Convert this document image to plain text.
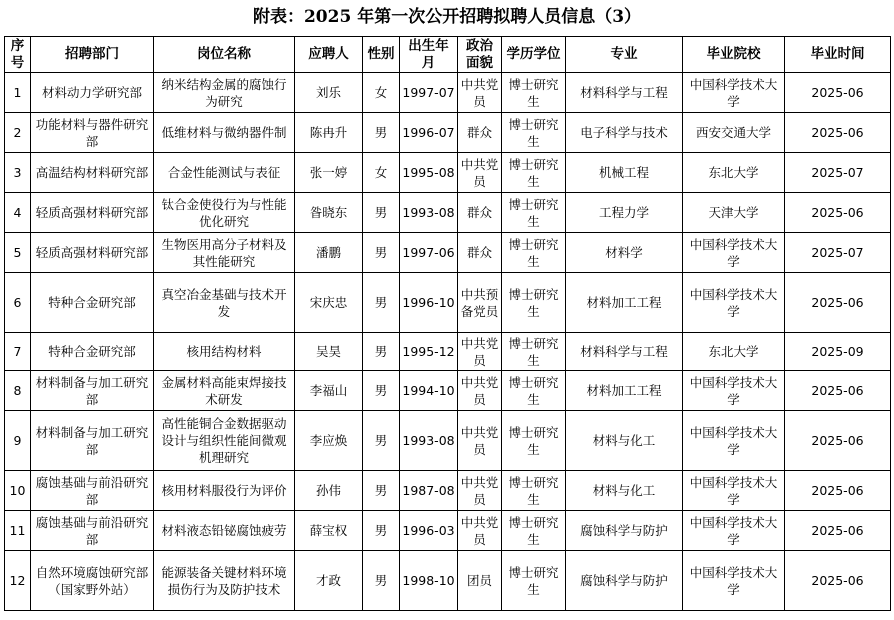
附表：2025 年第一次公开招聘拟聘人员信息（3）
序号	招聘部门	岗位名称	应聘人	性别	出生年月	政治面貌	学历学位	专业	毕业院校	毕业时间
1	材料动力学研究部	纳米结构金属的腐蚀行为研究	刘乐	女	1997-07	中共党员	博士研究生	材料科学与工程	中国科学技术大学	2025-06
2	功能材料与器件研究部	低维材料与微纳器件制	陈冉升	男	1996-07	群众	博士研究生	电子科学与技术	西安交通大学	2025-06
3	高温结构材料研究部	合金性能测试与表征	张一婷	女	1995-08	中共党员	博士研究生	机械工程	东北大学	2025-07
4	轻质高强材料研究部	钛合金使役行为与性能优化研究	昝晓东	男	1993-08	群众	博士研究生	工程力学	天津大学	2025-06
5	轻质高强材料研究部	生物医用高分子材料及其性能研究	潘鹏	男	1997-06	群众	博士研究生	材料学	中国科学技术大学	2025-07
6	特种合金研究部	真空冶金基础与技术开发	宋庆忠	男	1996-10	中共预备党员	博士研究生	材料加工工程	中国科学技术大学	2025-06
7	特种合金研究部	核用结构材料	吴昊	男	1995-12	中共党员	博士研究生	材料科学与工程	东北大学	2025-09
8	材料制备与加工研究部	金属材料高能束焊接技术研发	李福山	男	1994-10	中共党员	博士研究生	材料加工工程	中国科学技术大学	2025-06
9	材料制备与加工研究部	高性能铜合金数据驱动设计与组织性能间微观机理研究	李应焕	男	1993-08	中共党员	博士研究生	材料与化工	中国科学技术大学	2025-06
10	腐蚀基础与前沿研究部	核用材料服役行为评价	孙伟	男	1987-08	中共党员	博士研究生	材料与化工	中国科学技术大学	2025-06
11	腐蚀基础与前沿研究部	材料液态铅铋腐蚀疲劳	薛宝权	男	1996-03	中共党员	博士研究生	腐蚀科学与防护	中国科学技术大学	2025-06
12	自然环境腐蚀研究部（国家野外站）	能源装备关键材料环境损伤行为及防护技术	才政	男	1998-10	团员	博士研究生	腐蚀科学与防护	中国科学技术大学	2025-06
